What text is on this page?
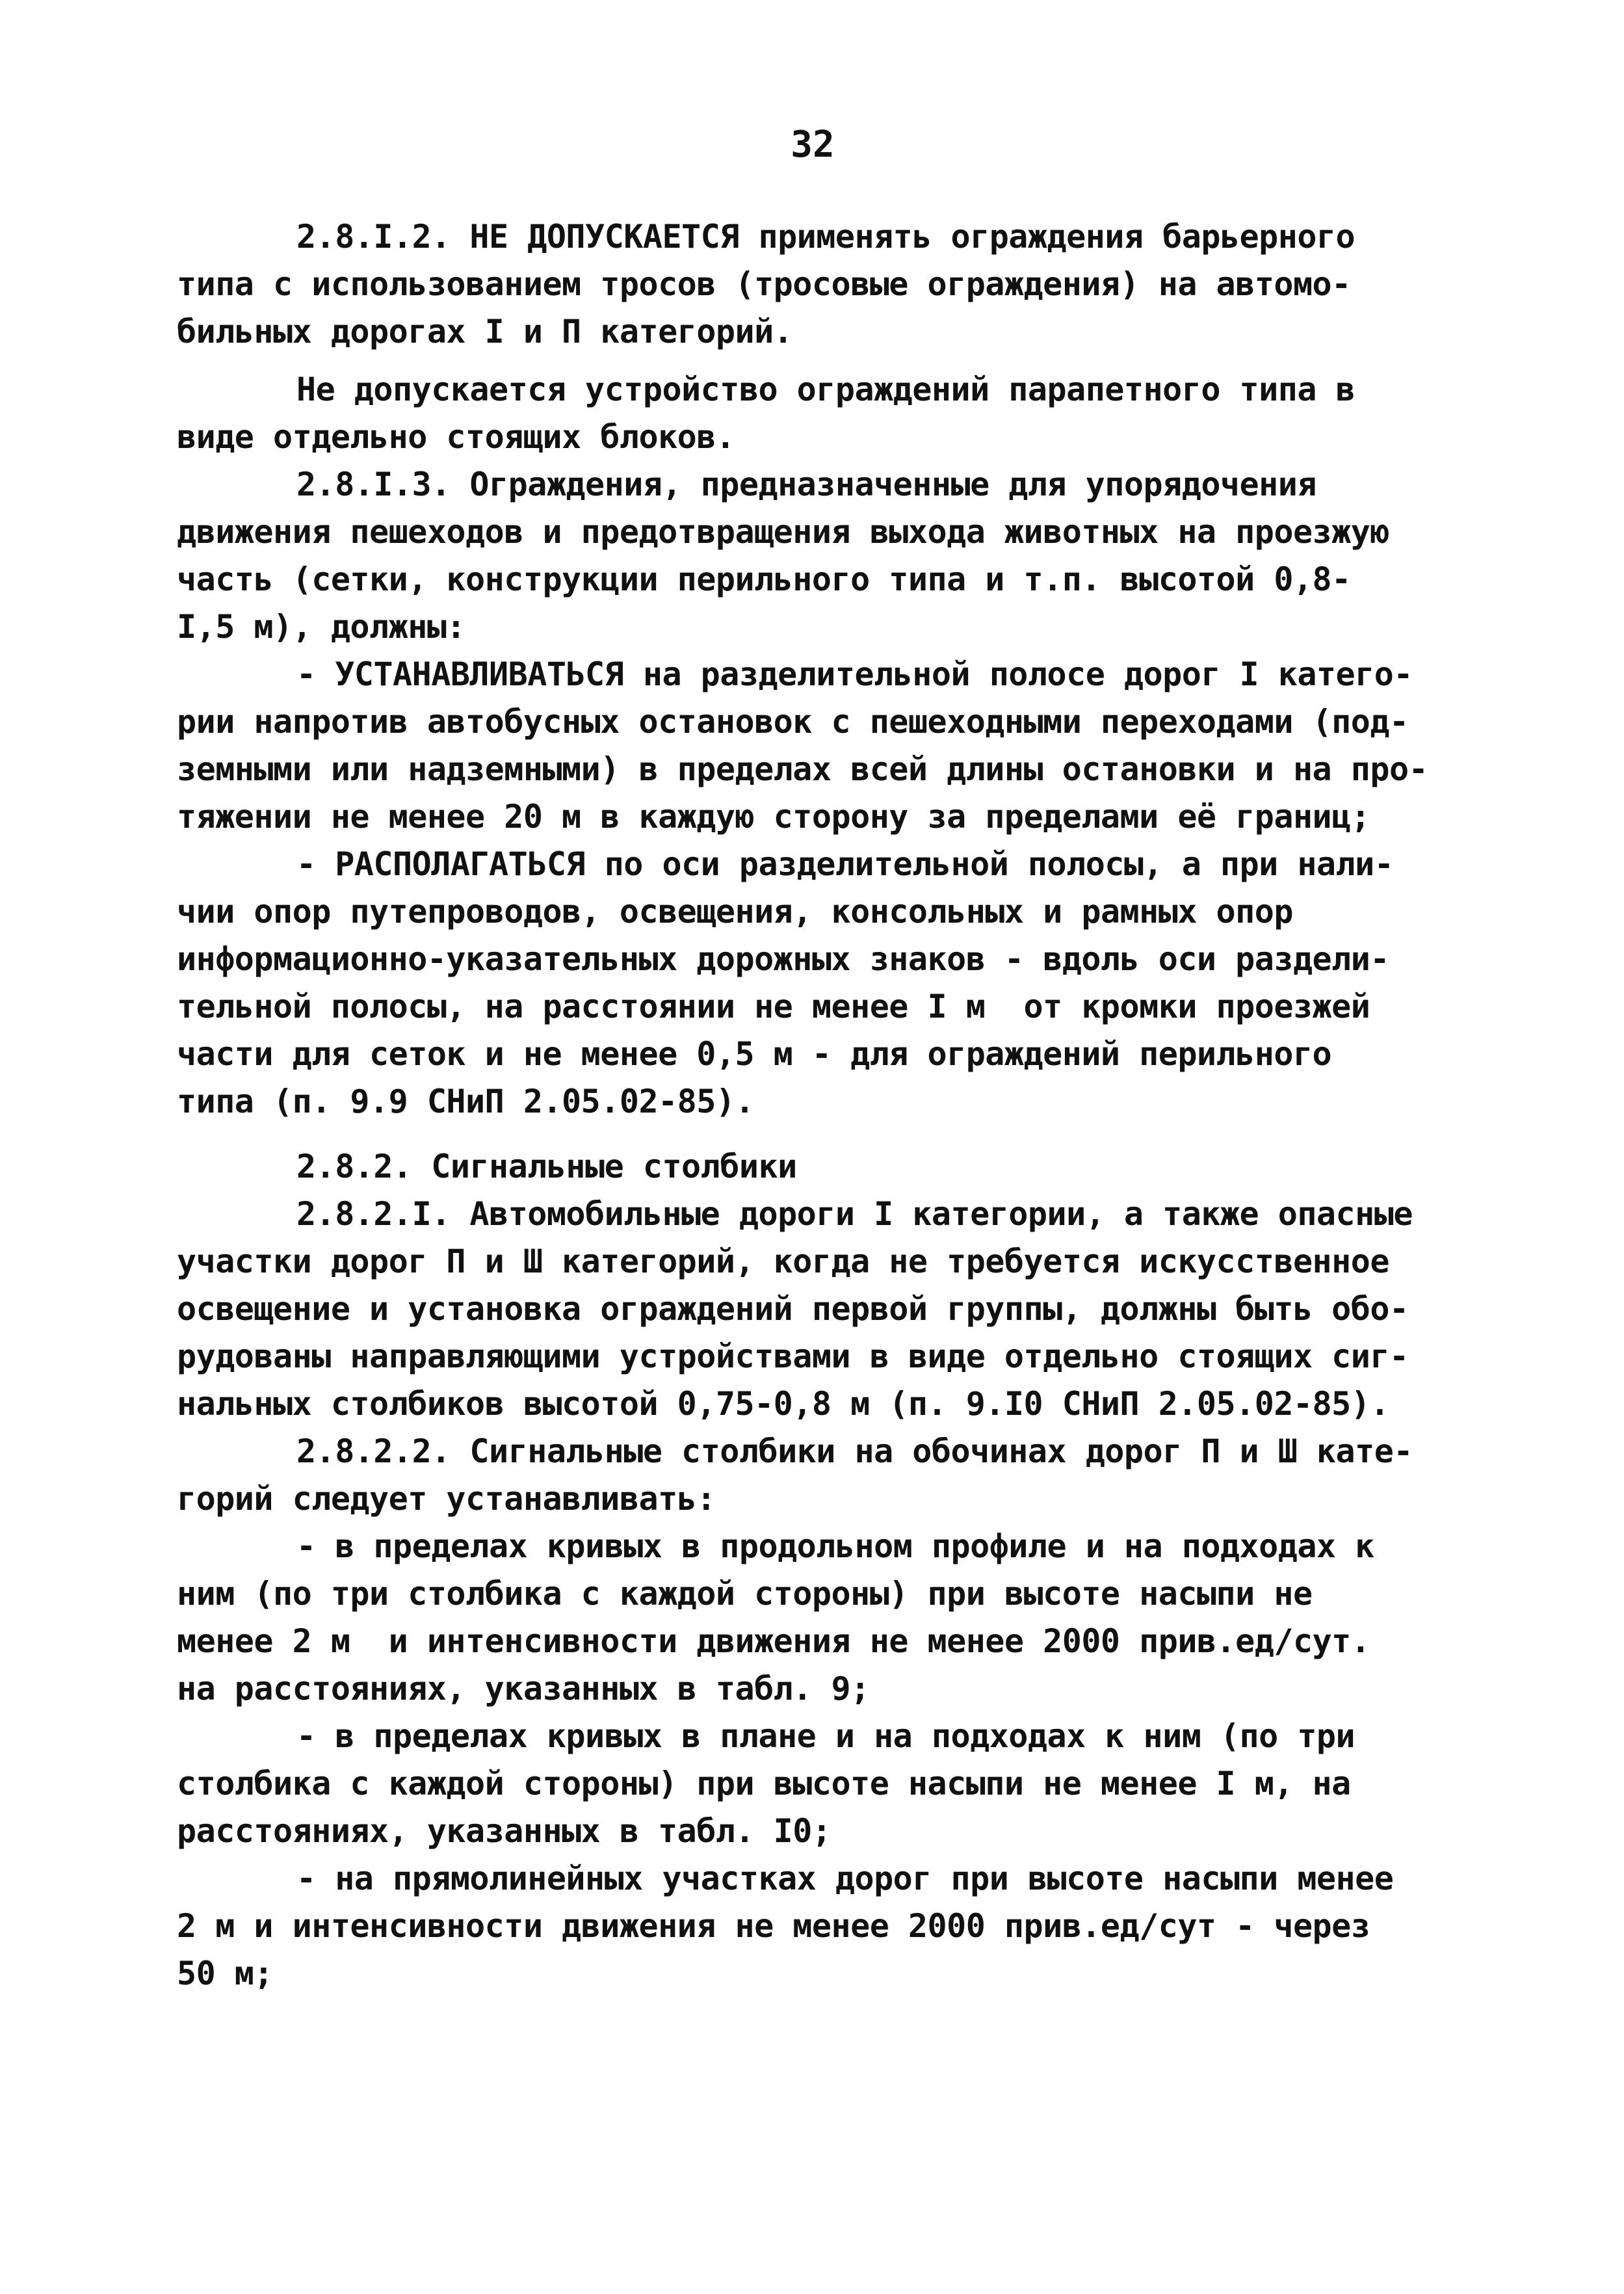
32
2.8.I.2. НЕ ДОПУСКАЕТСЯ применять ограждения барьерного
типа с использованием тросов (тросовые ограждения) на автомо-
бильных дорогах I и П категорий.
Не допускается устройство ограждений парапетного типа в
виде отдельно стоящих блоков.
2.8.I.3. Ограждения, предназначенные для упорядочения
движения пешеходов и предотвращения выхода животных на проезжую
часть (сетки, конструкции перильного типа и т.п. высотой 0,8-
I,5 м), должны:
- УСТАНАВЛИВАТЬСЯ на разделительной полосе дорог I катего-
рии напротив автобусных остановок с пешеходными переходами (под-
земными или надземными) в пределах всей длины остановки и на про-
тяжении не менее 20 м в каждую сторону за пределами её границ;
- РАСПОЛАГАТЬСЯ по оси разделительной полосы, а при нали-
чии опор путепроводов, освещения, консольных и рамных опор
информационно-указательных дорожных знаков - вдоль оси раздели-
тельной полосы, на расстоянии не менее I м  от кромки проезжей
части для сеток и не менее 0,5 м - для ограждений перильного
типа (п. 9.9 СНиП 2.05.02-85).
2.8.2. Сигнальные столбики
2.8.2.I. Автомобильные дороги I категории, а также опасные
участки дорог П и Ш категорий, когда не требуется искусственное
освещение и установка ограждений первой группы, должны быть обо-
рудованы направляющими устройствами в виде отдельно стоящих сиг-
нальных столбиков высотой 0,75-0,8 м (п. 9.I0 СНиП 2.05.02-85).
2.8.2.2. Сигнальные столбики на обочинах дорог П и Ш кате-
горий следует устанавливать:
- в пределах кривых в продольном профиле и на подходах к
ним (по три столбика с каждой стороны) при высоте насыпи не
менее 2 м  и интенсивности движения не менее 2000 прив.ед/сут.
на расстояниях, указанных в табл. 9;
- в пределах кривых в плане и на подходах к ним (по три
столбика с каждой стороны) при высоте насыпи не менее I м, на
расстояниях, указанных в табл. I0;
- на прямолинейных участках дорог при высоте насыпи менее
2 м и интенсивности движения не менее 2000 прив.ед/сут - через
50 м;
